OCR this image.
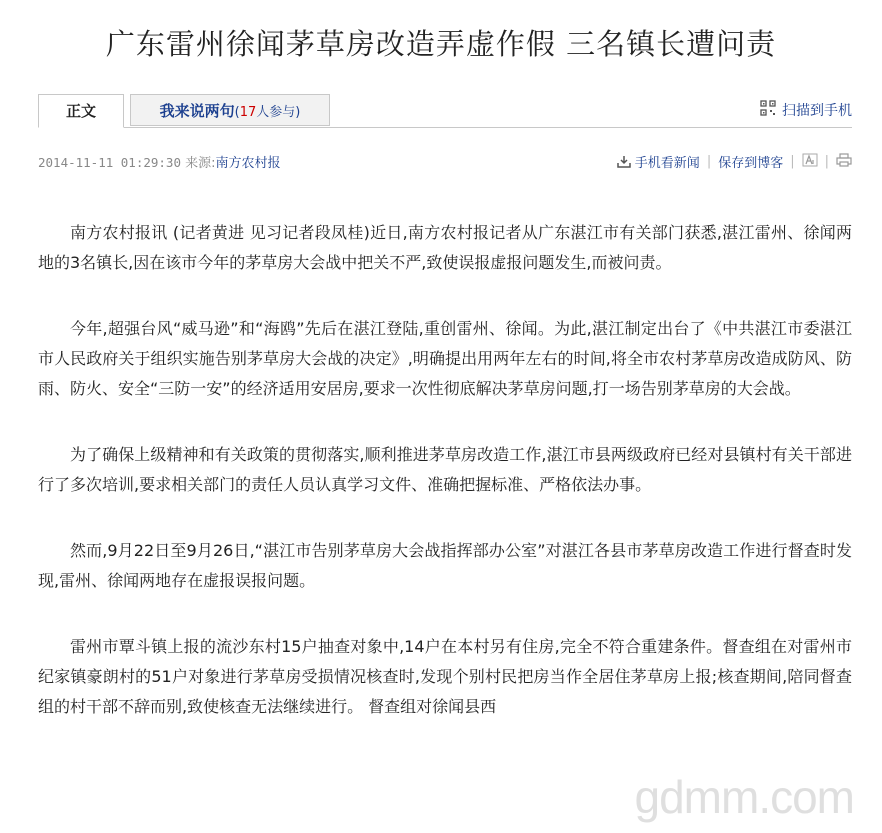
广东雷州徐闻茅草房改造弄虚作假 三名镇长遭问责
正文	我来说两句(17人参与)	扫描到手机
2014-11-11 01:29:30 来源:南方农村报	手机看新闻 | 保存到博客 | |

南方农村报讯 (记者黄进 见习记者段凤桂)近日,南方农村报记者从广东湛江市有关部门获悉,湛江雷州、徐闻两地的3名镇长,因在该市今年的茅草房大会战中把关不严,致使误报虚报问题发生,而被问责。

今年,超强台风“威马逊”和“海鸥”先后在湛江登陆,重创雷州、徐闻。为此,湛江制定出台了《中共湛江市委湛江市人民政府关于组织实施告别茅草房大会战的决定》,明确提出用两年左右的时间,将全市农村茅草房改造成防风、防雨、防火、安全“三防一安”的经济适用安居房,要求一次性彻底解决茅草房问题,打一场告别茅草房的大会战。

为了确保上级精神和有关政策的贯彻落实,顺利推进茅草房改造工作,湛江市县两级政府已经对县镇村有关干部进行了多次培训,要求相关部门的责任人员认真学习文件、准确把握标准、严格依法办事。

然而,9月22日至9月26日,“湛江市告别茅草房大会战指挥部办公室”对湛江各县市茅草房改造工作进行督查时发现,雷州、徐闻两地存在虚报误报问题。

雷州市覃斗镇上报的流沙东村15户抽查对象中,14户在本村另有住房,完全不符合重建条件。督查组在对雷州市纪家镇豪朗村的51户对象进行茅草房受损情况核查时,发现个别村民把房当作全居住茅草房上报;核查期间,陪同督查组的村干部不辞而别,致使核查无法继续进行。 督查组对徐闻县西

gdmm.com
